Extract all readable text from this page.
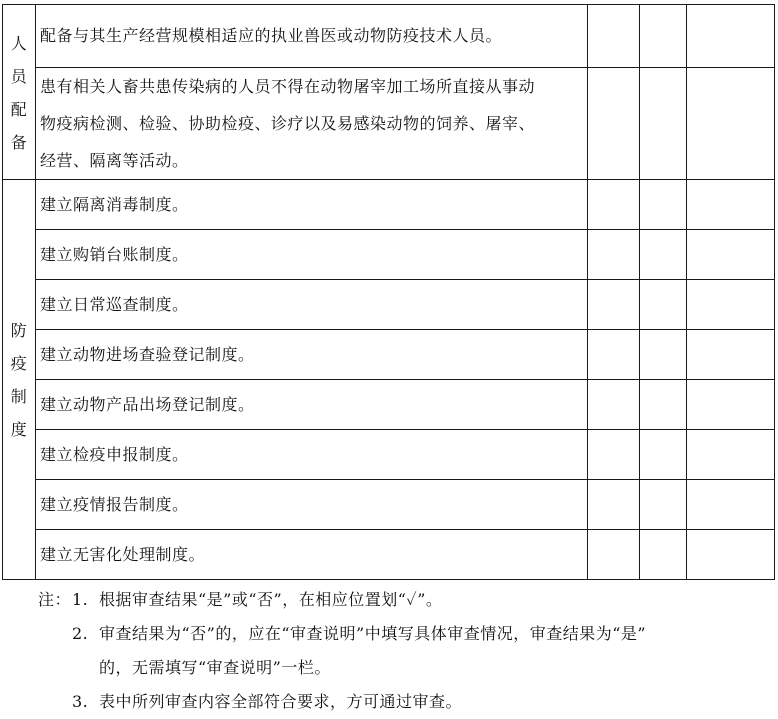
人
员
配
备	配备与其生产经营规模相适应的执业兽医或动物防疫技术人员。			

	患有相关人畜共患传染病的人员不得在动物屠宰加工场所直接从事动
物疫病检测、检验、协助检疫、诊疗以及易感染动物的饲养、屠宰、
经营、隔离等活动。			

防
疫
制
度	建立隔离消毒制度。			
	建立购销台账制度。			
	建立日常巡查制度。			
	建立动物进场查验登记制度。			
	建立动物产品出场登记制度。			
	建立检疫申报制度。			
	建立疫情报告制度。			
	建立无害化处理制度。			
注：1. 根据审查结果“是”或“否”，在相应位置划“✓”。
2. 审查结果为“否”的，应在“审查说明”中填写具体审查情况，审查结果为“是”
的，无需填写“审查说明”一栏。
3. 表中所列审查内容全部符合要求，方可通过审查。
